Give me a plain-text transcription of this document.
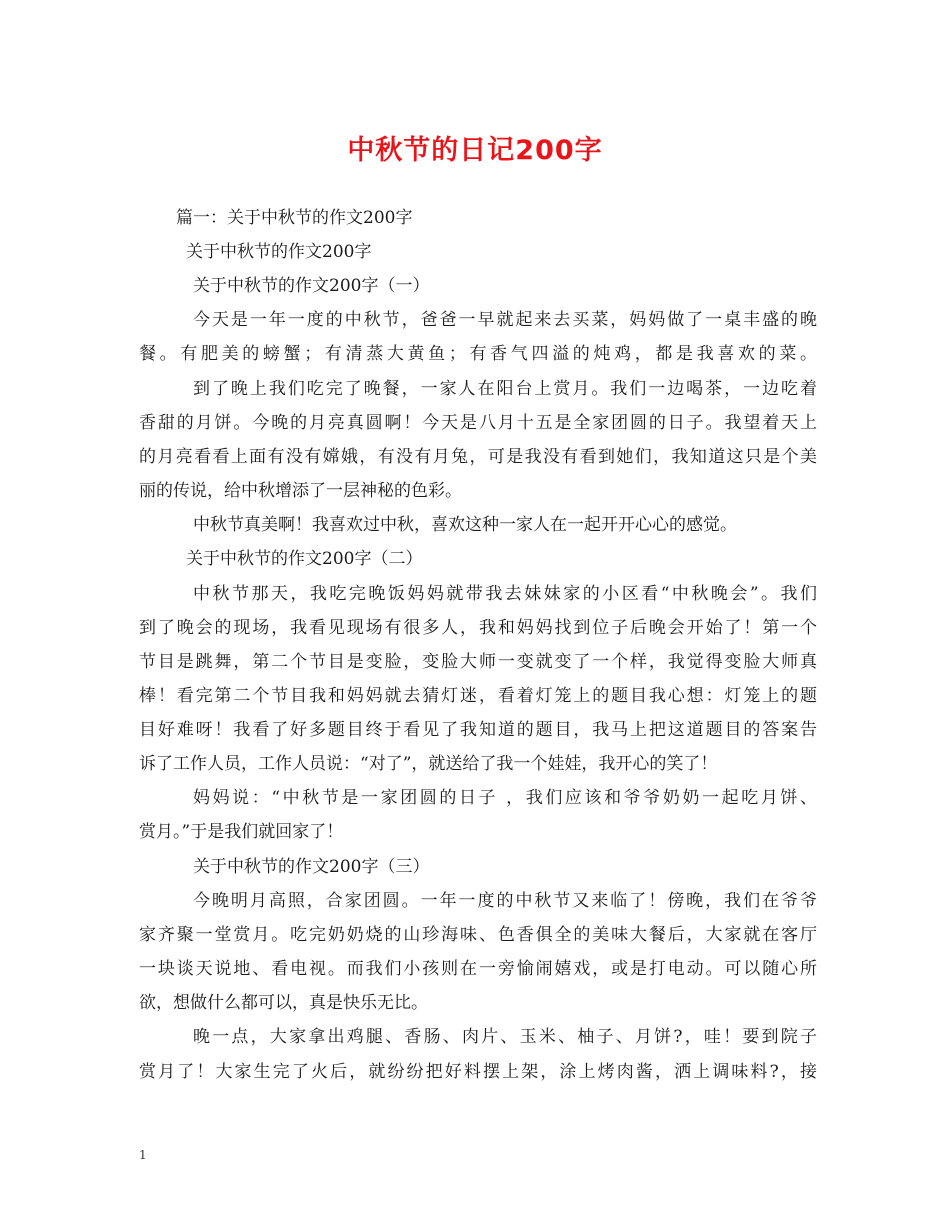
中秋节的日记200字
篇一：关于中秋节的作文200字
关于中秋节的作文200字
关于中秋节的作文200字（一）
今天是一年一度的中秋节，爸爸一早就起来去买菜，妈妈做了一桌丰盛的晚
餐。有肥美的螃蟹；有清蒸大黄鱼；有香气四溢的炖鸡，都是我喜欢的菜。
到了晚上我们吃完了晚餐，一家人在阳台上赏月。我们一边喝茶，一边吃着
香甜的月饼。今晚的月亮真圆啊！今天是八月十五是全家团圆的日子。我望着天上
的月亮看看上面有没有嫦娥，有没有月兔，可是我没有看到她们，我知道这只是个美
丽的传说，给中秋增添了一层神秘的色彩。
中秋节真美啊！我喜欢过中秋，喜欢这种一家人在一起开开心心的感觉。
关于中秋节的作文200字（二）
中秋节那天，我吃完晚饭妈妈就带我去妹妹家的小区看“中秋晚会”。我们
到了晚会的现场，我看见现场有很多人，我和妈妈找到位子后晚会开始了！第一个
节目是跳舞，第二个节目是变脸，变脸大师一变就变了一个样，我觉得变脸大师真
棒！看完第二个节目我和妈妈就去猜灯迷，看着灯笼上的题目我心想：灯笼上的题
目好难呀！我看了好多题目终于看见了我知道的题目，我马上把这道题目的答案告
诉了工作人员，工作人员说：“对了”，就送给了我一个娃娃，我开心的笑了！
妈妈说：“中秋节是一家团圆的日子 ，我们应该和爷爷奶奶一起吃月饼、
赏月。”于是我们就回家了！
关于中秋节的作文200字（三）
今晚明月高照，合家团圆。一年一度的中秋节又来临了！傍晚，我们在爷爷
家齐聚一堂赏月。吃完奶奶烧的山珍海味、色香俱全的美味大餐后，大家就在客厅
一块谈天说地、看电视。而我们小孩则在一旁愉闹嬉戏，或是打电动。可以随心所
欲，想做什么都可以，真是快乐无比。
晚一点，大家拿出鸡腿、香肠、肉片、玉米、柚子、月饼?，哇！要到院子
赏月了！大家生完了火后，就纷纷把好料摆上架，涂上烤肉酱，洒上调味料?，接
1
